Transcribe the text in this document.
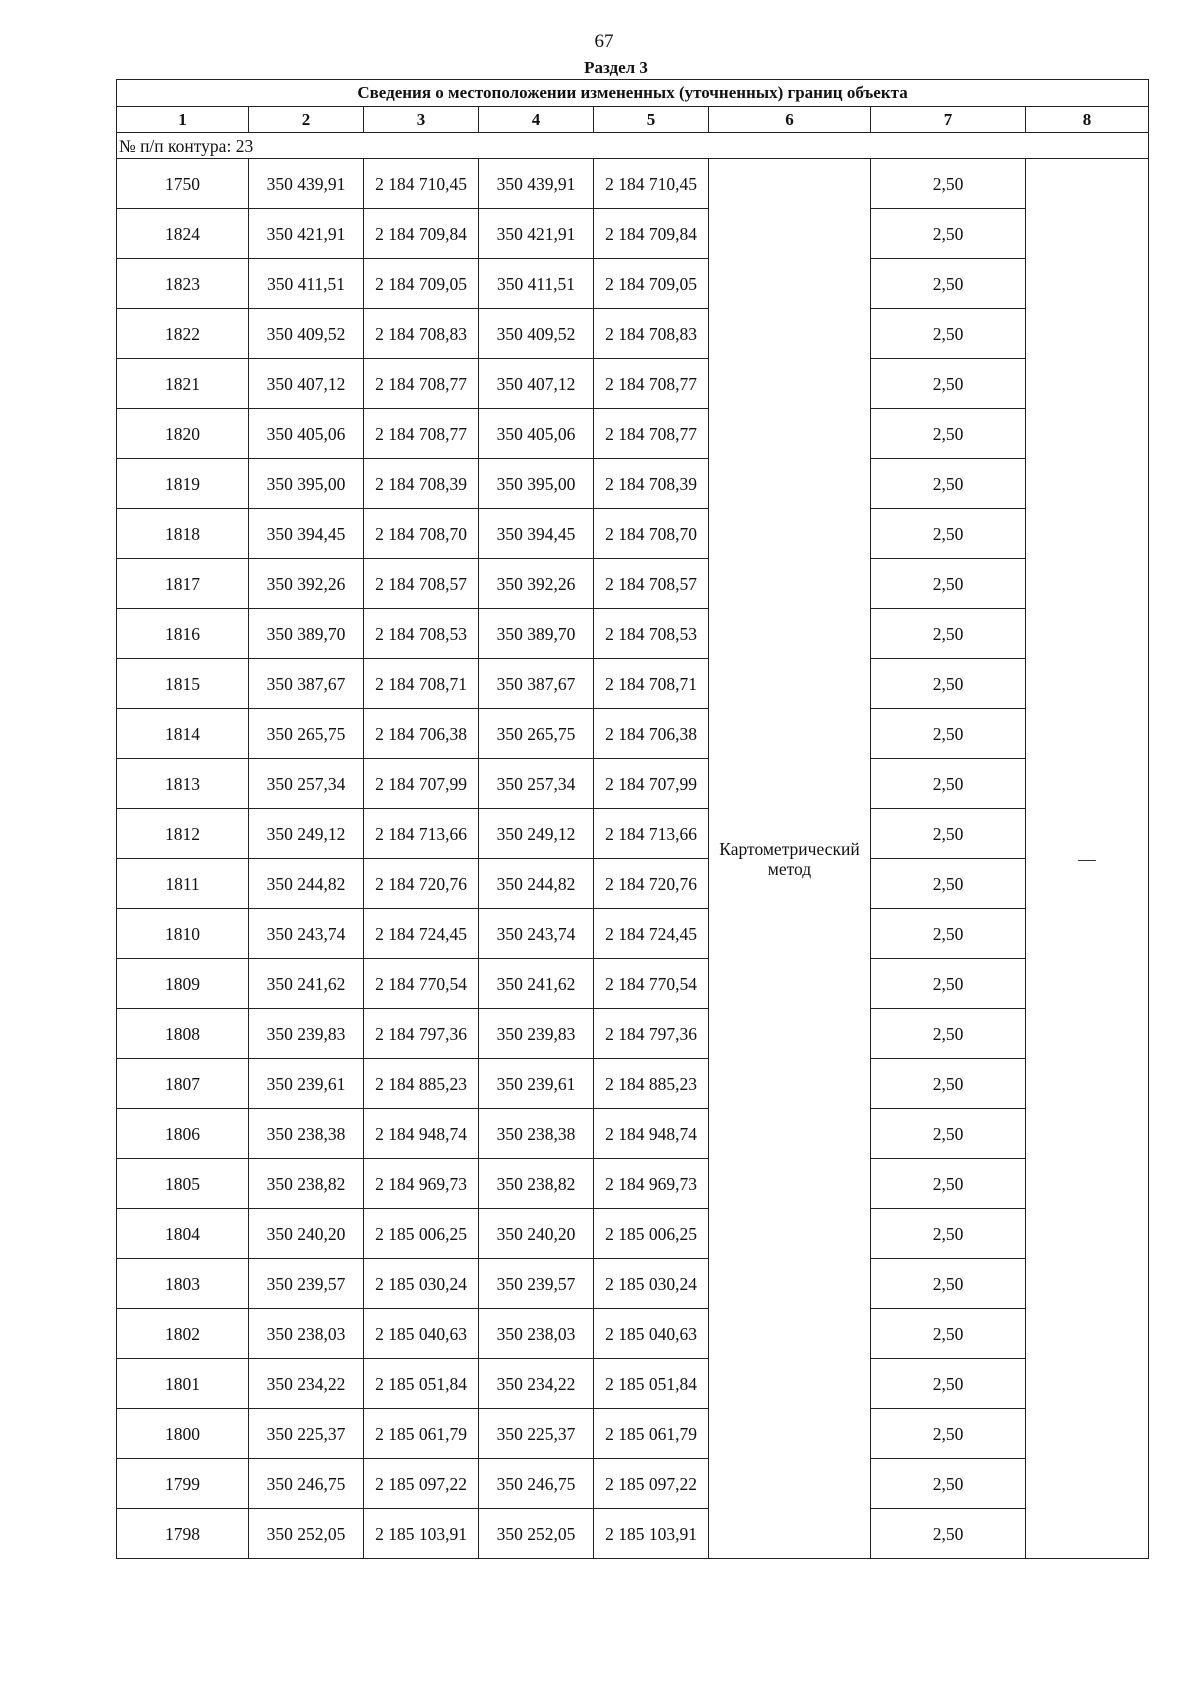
67
Раздел 3
Сведения о местоположении измененных (уточненных) границ объекта							
1	2	3	4	5	6	7	8
№ п/п контура: 23							
1750	350 439,91	2 184 710,45	350 439,91	2 184 710,45	Картометрический метод	2,50	—
1824	350 421,91	2 184 709,84	350 421,91	2 184 709,84		2,50	
1823	350 411,51	2 184 709,05	350 411,51	2 184 709,05		2,50	
1822	350 409,52	2 184 708,83	350 409,52	2 184 708,83		2,50	
1821	350 407,12	2 184 708,77	350 407,12	2 184 708,77		2,50	
1820	350 405,06	2 184 708,77	350 405,06	2 184 708,77		2,50	
1819	350 395,00	2 184 708,39	350 395,00	2 184 708,39		2,50	
1818	350 394,45	2 184 708,70	350 394,45	2 184 708,70		2,50	
1817	350 392,26	2 184 708,57	350 392,26	2 184 708,57		2,50	
1816	350 389,70	2 184 708,53	350 389,70	2 184 708,53		2,50	
1815	350 387,67	2 184 708,71	350 387,67	2 184 708,71		2,50	
1814	350 265,75	2 184 706,38	350 265,75	2 184 706,38		2,50	
1813	350 257,34	2 184 707,99	350 257,34	2 184 707,99		2,50	
1812	350 249,12	2 184 713,66	350 249,12	2 184 713,66		2,50	
1811	350 244,82	2 184 720,76	350 244,82	2 184 720,76		2,50	
1810	350 243,74	2 184 724,45	350 243,74	2 184 724,45		2,50	
1809	350 241,62	2 184 770,54	350 241,62	2 184 770,54		2,50	
1808	350 239,83	2 184 797,36	350 239,83	2 184 797,36		2,50	
1807	350 239,61	2 184 885,23	350 239,61	2 184 885,23		2,50	
1806	350 238,38	2 184 948,74	350 238,38	2 184 948,74		2,50	
1805	350 238,82	2 184 969,73	350 238,82	2 184 969,73		2,50	
1804	350 240,20	2 185 006,25	350 240,20	2 185 006,25		2,50	
1803	350 239,57	2 185 030,24	350 239,57	2 185 030,24		2,50	
1802	350 238,03	2 185 040,63	350 238,03	2 185 040,63		2,50	
1801	350 234,22	2 185 051,84	350 234,22	2 185 051,84		2,50	
1800	350 225,37	2 185 061,79	350 225,37	2 185 061,79		2,50	
1799	350 246,75	2 185 097,22	350 246,75	2 185 097,22		2,50	
1798	350 252,05	2 185 103,91	350 252,05	2 185 103,91		2,50	
